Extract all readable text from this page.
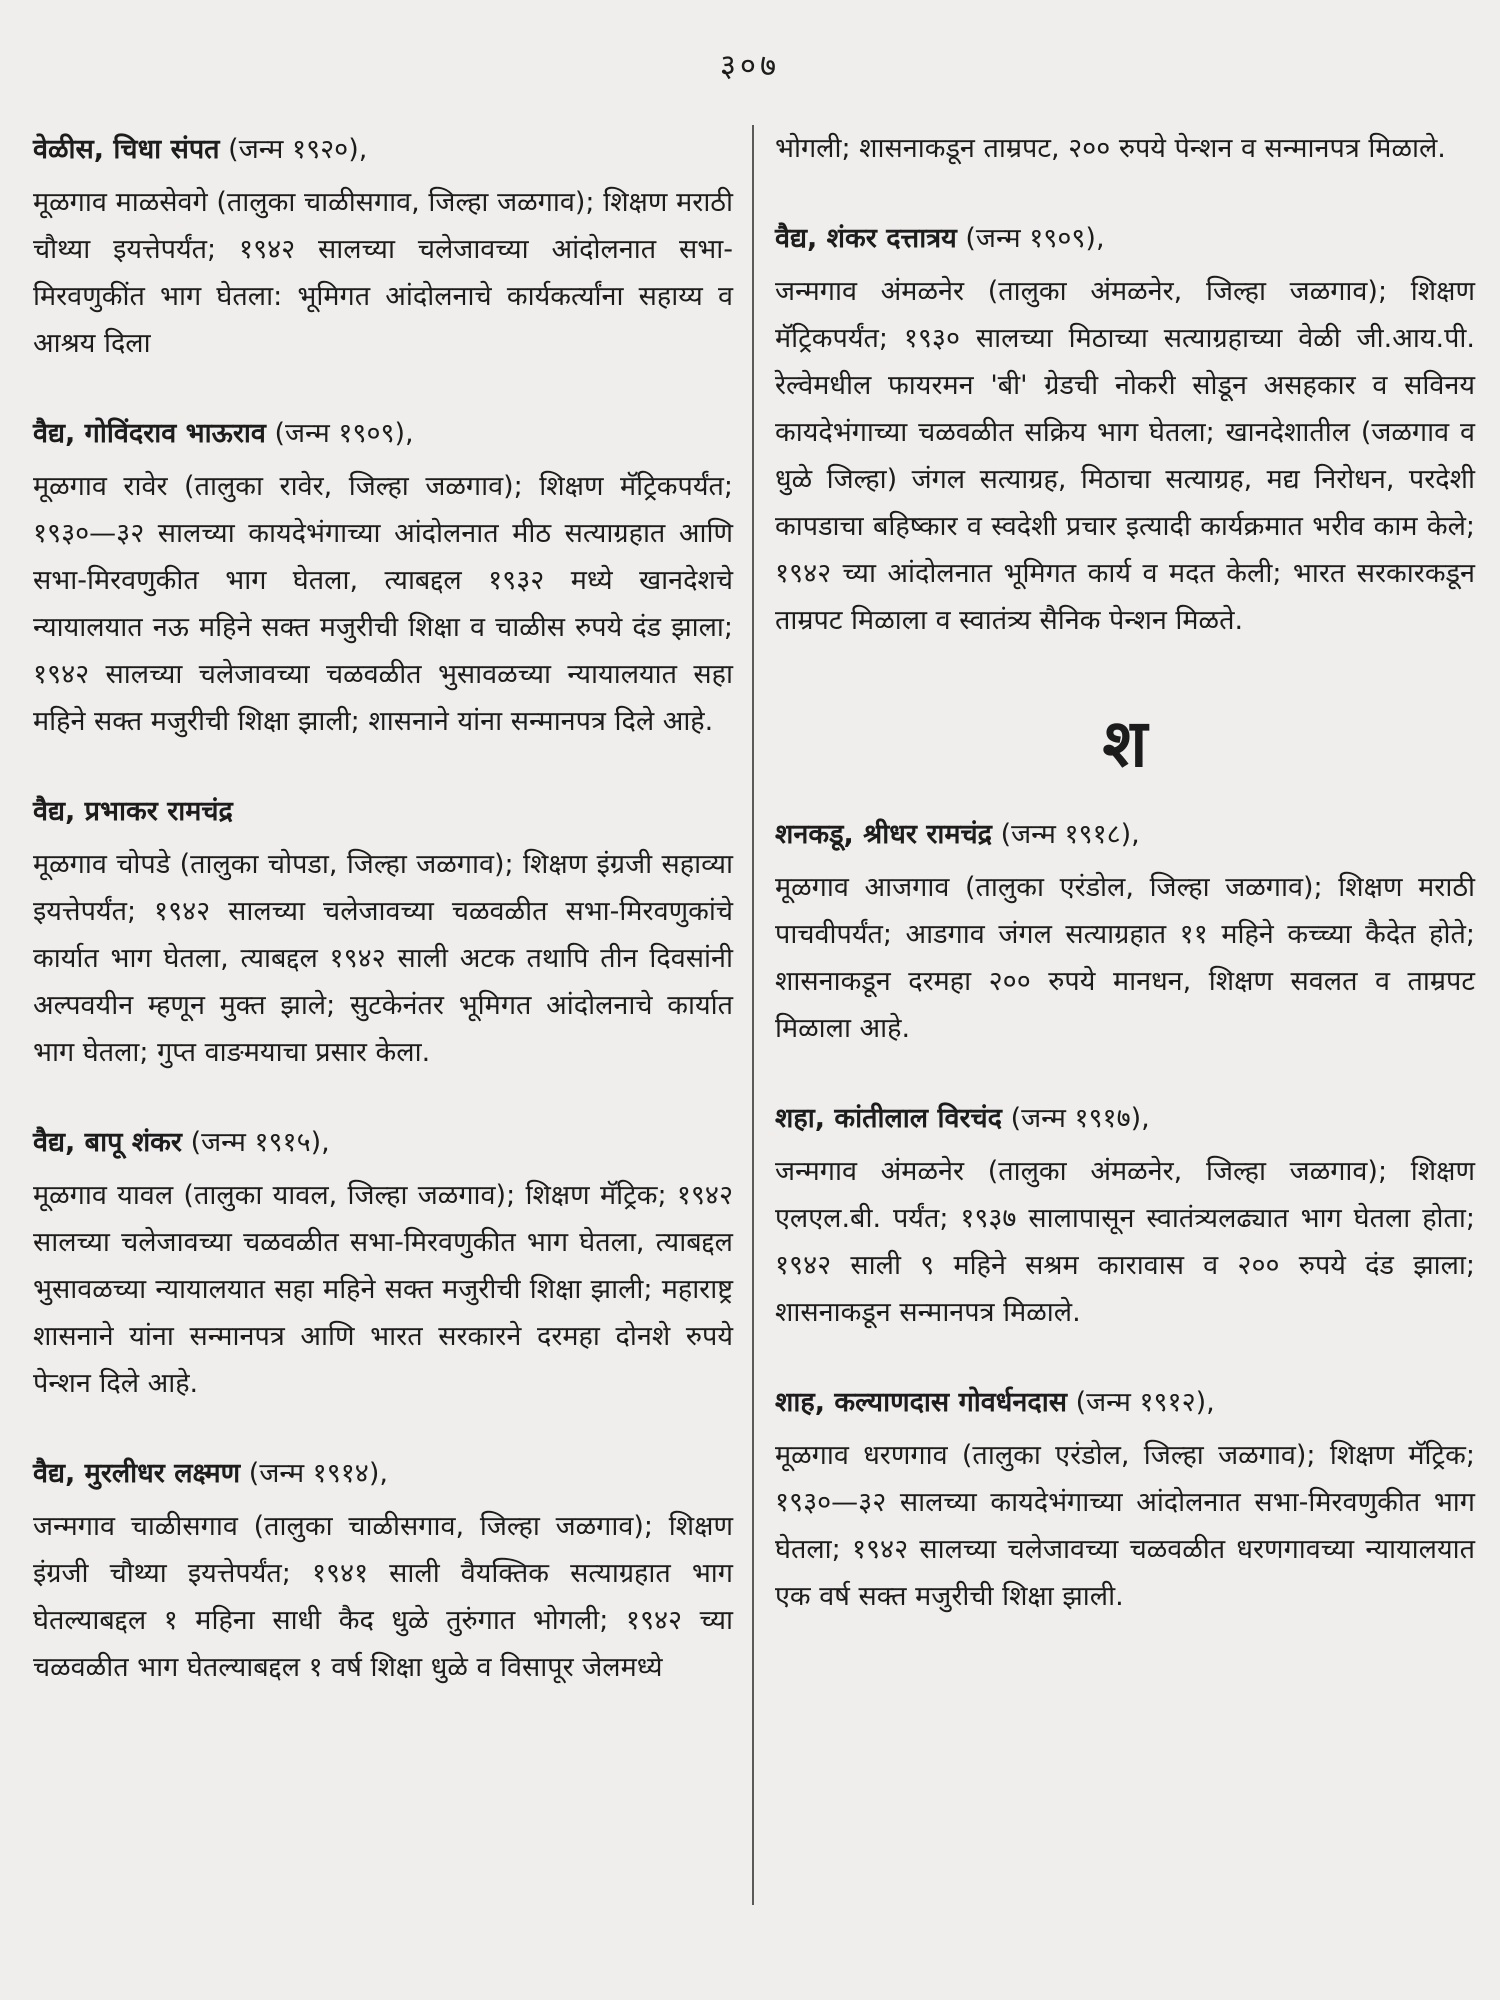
३०७
वेळीस, चिधा संपत (जन्म १९२०),
मूळगाव माळसेवगे (तालुका चाळीसगाव, जिल्हा जळगाव); शिक्षण मराठी चौथ्या इयत्तेपर्यंत; १९४२ सालच्या चलेजावच्या आंदोलनात सभा-मिरवणुकींत भाग घेतला: भूमिगत आंदोलनाचे कार्यकर्त्यांना सहाय्य व आश्रय दिला
वैद्य, गोविंदराव भाऊराव (जन्म १९०९),
मूळगाव रावेर (तालुका रावेर, जिल्हा जळगाव); शिक्षण मॅट्रिकपर्यंत; १९३०—३२ सालच्या कायदेभंगाच्या आंदोलनात मीठ सत्याग्रहात आणि सभा-मिरवणुकीत भाग घेतला, त्याबद्दल १९३२ मध्ये खानदेशचे न्यायालयात नऊ महिने सक्त मजुरीची शिक्षा व चाळीस रुपये दंड झाला; १९४२ सालच्या चलेजावच्या चळवळीत भुसावळच्या न्यायालयात सहा महिने सक्त मजुरीची शिक्षा झाली; शासनाने यांना सन्मानपत्र दिले आहे.
वैद्य, प्रभाकर रामचंद्र
मूळगाव चोपडे (तालुका चोपडा, जिल्हा जळगाव); शिक्षण इंग्रजी सहाव्या इयत्तेपर्यंत; १९४२ सालच्या चलेजावच्या चळवळीत सभा-मिरवणुकांचे कार्यात भाग घेतला, त्याबद्दल १९४२ साली अटक तथापि तीन दिवसांनी अल्पवयीन म्हणून मुक्त झाले; सुटकेनंतर भूमिगत आंदोलनाचे कार्यात भाग घेतला; गुप्त वाङमयाचा प्रसार केला.
वैद्य, बापू शंकर (जन्म १९१५),
मूळगाव यावल (तालुका यावल, जिल्हा जळगाव); शिक्षण मॅट्रिक; १९४२ सालच्या चलेजावच्या चळवळीत सभा-मिरवणुकीत भाग घेतला, त्याबद्दल भुसावळच्या न्यायालयात सहा महिने सक्त मजुरीची शिक्षा झाली; महाराष्ट्र शासनाने यांना सन्मानपत्र आणि भारत सरकारने दरमहा दोनशे रुपये पेन्शन दिले आहे.
वैद्य, मुरलीधर लक्ष्मण (जन्म १९१४),
जन्मगाव चाळीसगाव (तालुका चाळीसगाव, जिल्हा जळगाव); शिक्षण इंग्रजी चौथ्या इयत्तेपर्यंत; १९४१ साली वैयक्तिक सत्याग्रहात भाग घेतल्याबद्दल १ महिना साधी कैद धुळे तुरुंगात भोगली; १९४२ च्या चळवळीत भाग घेतल्याबद्दल १ वर्ष शिक्षा धुळे व विसापूर जेलमध्ये
भोगली; शासनाकडून ताम्रपट, २०० रुपये पेन्शन व सन्मानपत्र मिळाले.
वैद्य, शंकर दत्तात्रय (जन्म १९०९),
जन्मगाव अंमळनेर (तालुका अंमळनेर, जिल्हा जळगाव); शिक्षण मॅट्रिकपर्यंत; १९३० सालच्या मिठाच्या सत्याग्रहाच्या वेळी जी.आय.पी. रेल्वेमधील फायरमन 'बी' ग्रेडची नोकरी सोडून असहकार व सविनय कायदेभंगाच्या चळवळीत सक्रिय भाग घेतला; खानदेशातील (जळगाव व धुळे जिल्हा) जंगल सत्याग्रह, मिठाचा सत्याग्रह, मद्य निरोधन, परदेशी कापडाचा बहिष्कार व स्वदेशी प्रचार इत्यादी कार्यक्रमात भरीव काम केले; १९४२ च्या आंदोलनात भूमिगत कार्य व मदत केली; भारत सरकारकडून ताम्रपट मिळाला व स्वातंत्र्य सैनिक पेन्शन मिळते.
श
शनकडू, श्रीधर रामचंद्र (जन्म १९१८),
मूळगाव आजगाव (तालुका एरंडोल, जिल्हा जळगाव); शिक्षण मराठी पाचवीपर्यंत; आडगाव जंगल सत्याग्रहात ११ महिने कच्च्या कैदेत होते; शासनाकडून दरमहा २०० रुपये मानधन, शिक्षण सवलत व ताम्रपट मिळाला आहे.
शहा, कांतीलाल विरचंद (जन्म १९१७),
जन्मगाव अंमळनेर (तालुका अंमळनेर, जिल्हा जळगाव); शिक्षण एलएल.बी. पर्यंत; १९३७ सालापासून स्वातंत्र्यलढ्यात भाग घेतला होता; १९४२ साली ९ महिने सश्रम कारावास व २०० रुपये दंड झाला; शासनाकडून सन्मानपत्र मिळाले.
शाह, कल्याणदास गोवर्धनदास (जन्म १९१२),
मूळगाव धरणगाव (तालुका एरंडोल, जिल्हा जळगाव); शिक्षण मॅट्रिक; १९३०—३२ सालच्या कायदेभंगाच्या आंदोलनात सभा-मिरवणुकीत भाग घेतला; १९४२ सालच्या चलेजावच्या चळवळीत धरणगावच्या न्यायालयात एक वर्ष सक्त मजुरीची शिक्षा झाली.
